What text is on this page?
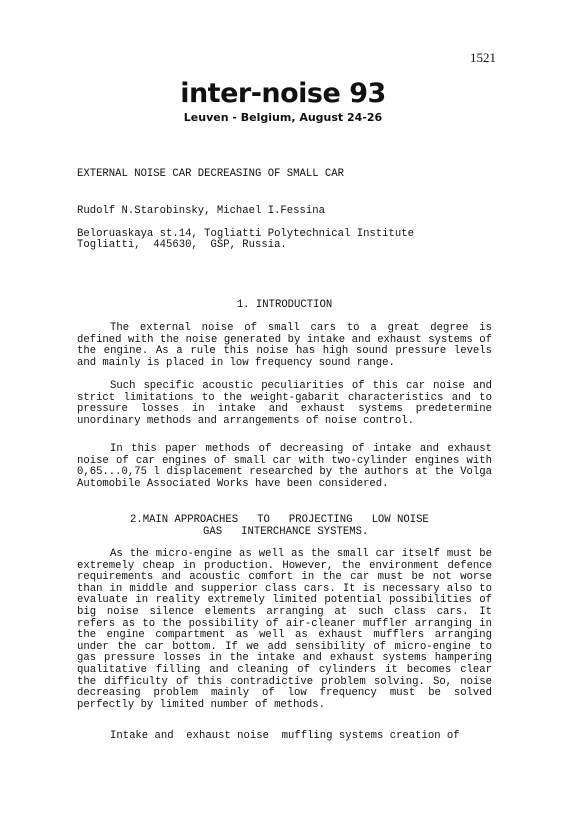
1521
inter-noise 93
Leuven - Belgium, August 24-26
EXTERNAL NOISE CAR DECREASING OF SMALL CAR
Rudolf N.Starobinsky, Michael I.Fessina
Beloruaskaya st.14, Togliatti Polytechnical Institute
Togliatti,  445630,  GSP, Russia.
1. INTRODUCTION
The external noise of small cars to a great degree is defined with the noise generated by intake and exhaust systems of the engine. As a rule this noise has high sound pressure levels and mainly is placed in low frequency sound range.
Such specific acoustic peculiarities of this car noise and strict limitations to the weight-gabarit characteristics and to pressure losses in intake and exhaust systems predetermine unordinary methods and arrangements of noise control.
In this paper methods of decreasing of intake and exhaust noise of car engines of small car with two-cylinder engines with 0,65...0,75 l displacement researched by the authors at the Volga Automobile Associated Works have been considered.
2.MAIN APPROACHES   TO   PROJECTING   LOW NOISE
GAS   INTERCHANCE SYSTEMS.
As the micro-engine as well as the small car itself must be extremely cheap in production. However, the environment defence requirements and acoustic comfort in the car must be not worse than in middle and supperior class cars. It is necessary also to evaluate in reality extremely limited potential possibilities of big noise silence elements arranging at such class cars. It refers as to the possibility of air-cleaner muffler arranging in the engine compartment as well as exhaust mufflers arranging under the car bottom. If we add sensibility of micro-engine to gas pressure losses in the intake and exhaust systems hampering qualitative filling and cleaning of cylinders it becomes clear the difficulty of this contradictive problem solving. So, noise decreasing problem mainly of low frequency must be solved perfectly by limited number of methods.
Intake and  exhaust noise  muffling systems creation of
